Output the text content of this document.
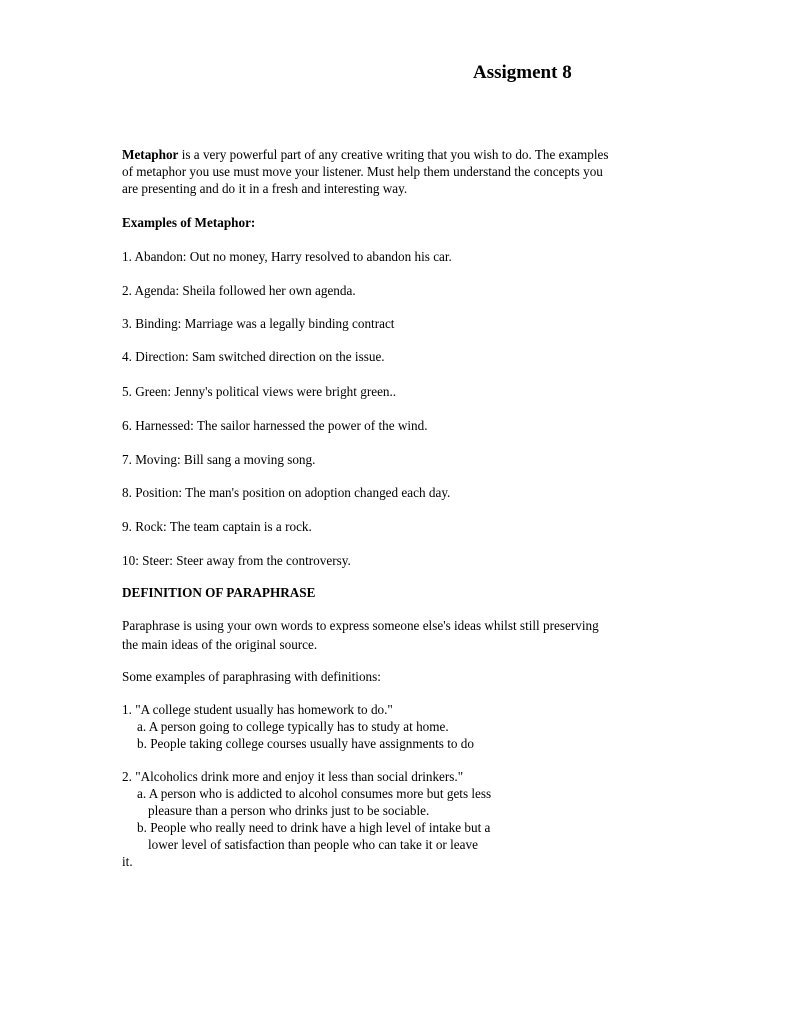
Assigment 8
Metaphor is a very powerful part of any creative writing that you wish to do. The examples
of metaphor you use must move your listener. Must help them understand the concepts you
are presenting and do it in a fresh and interesting way.
Examples of Metaphor:
1. Abandon: Out no money, Harry resolved to abandon his car.
2. Agenda: Sheila followed her own agenda.
3. Binding: Marriage was a legally binding contract
4. Direction: Sam switched direction on the issue.
5. Green: Jenny's political views were bright green..
6. Harnessed: The sailor harnessed the power of the wind.
7. Moving: Bill sang a moving song.
8. Position: The man's position on adoption changed each day.
9. Rock: The team captain is a rock.
10: Steer: Steer away from the controversy.
DEFINITION OF PARAPHRASE
Paraphrase is using your own words to express someone else's ideas whilst still preserving
the main ideas of the original source.
Some examples of paraphrasing with definitions:
1. "A college student usually has homework to do."
a. A person going to college typically has to study at home.
b. People taking college courses usually have assignments to do
2. "Alcoholics drink more and enjoy it less than social drinkers."
a. A person who is addicted to alcohol consumes more but gets less
pleasure than a person who drinks just to be sociable.
b. People who really need to drink have a high level of intake but a
lower level of satisfaction than people who can take it or leave
it.
